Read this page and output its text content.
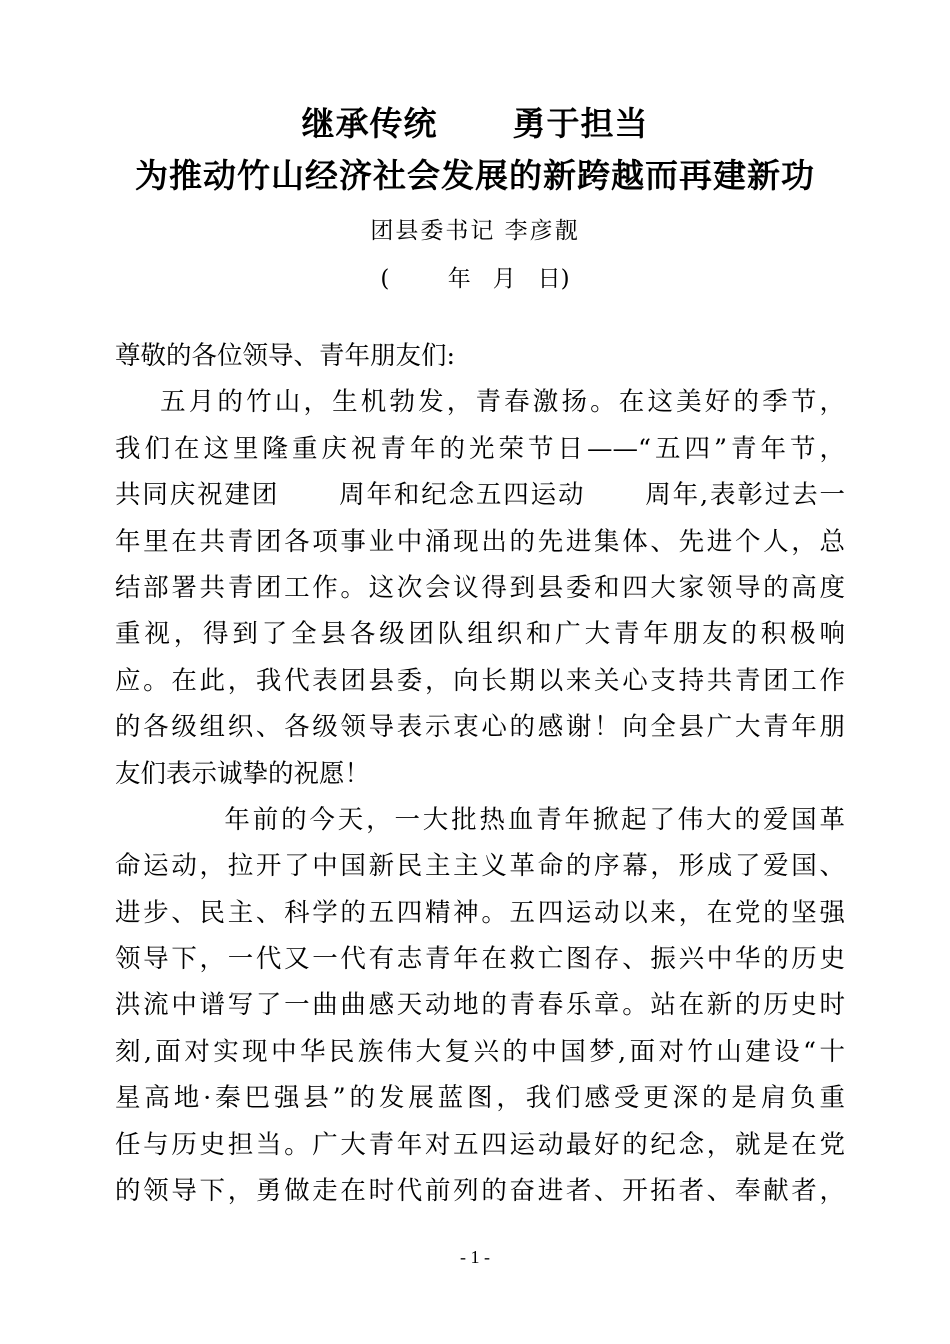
继承传统      勇于担当
为推动竹山经济社会发展的新跨越而再建新功
团县委书记 李彦靓
(        年   月   日)
尊敬的各位领导、青年朋友们:
五月的竹山，生机勃发，青春激扬。在这美好的季节，
我们在这里隆重庆祝青年的光荣节日——“五四”青年节，
共同庆祝建团      周年和纪念五四运动      周年,表彰过去一
年里在共青团各项事业中涌现出的先进集体、先进个人，总
结部署共青团工作。这次会议得到县委和四大家领导的高度
重视，得到了全县各级团队组织和广大青年朋友的积极响
应。在此，我代表团县委，向长期以来关心支持共青团工作
的各级组织、各级领导表示衷心的感谢！向全县广大青年朋
友们表示诚挚的祝愿！
年前的今天，一大批热血青年掀起了伟大的爱国革
命运动，拉开了中国新民主主义革命的序幕，形成了爱国、
进步、民主、科学的五四精神。五四运动以来，在党的坚强
领导下，一代又一代有志青年在救亡图存、振兴中华的历史
洪流中谱写了一曲曲感天动地的青春乐章。站在新的历史时
刻,面对实现中华民族伟大复兴的中国梦,面对竹山建设“十
星高地·秦巴强县”的发展蓝图，我们感受更深的是肩负重
任与历史担当。广大青年对五四运动最好的纪念，就是在党
的领导下，勇做走在时代前列的奋进者、开拓者、奉献者，
- 1 -
